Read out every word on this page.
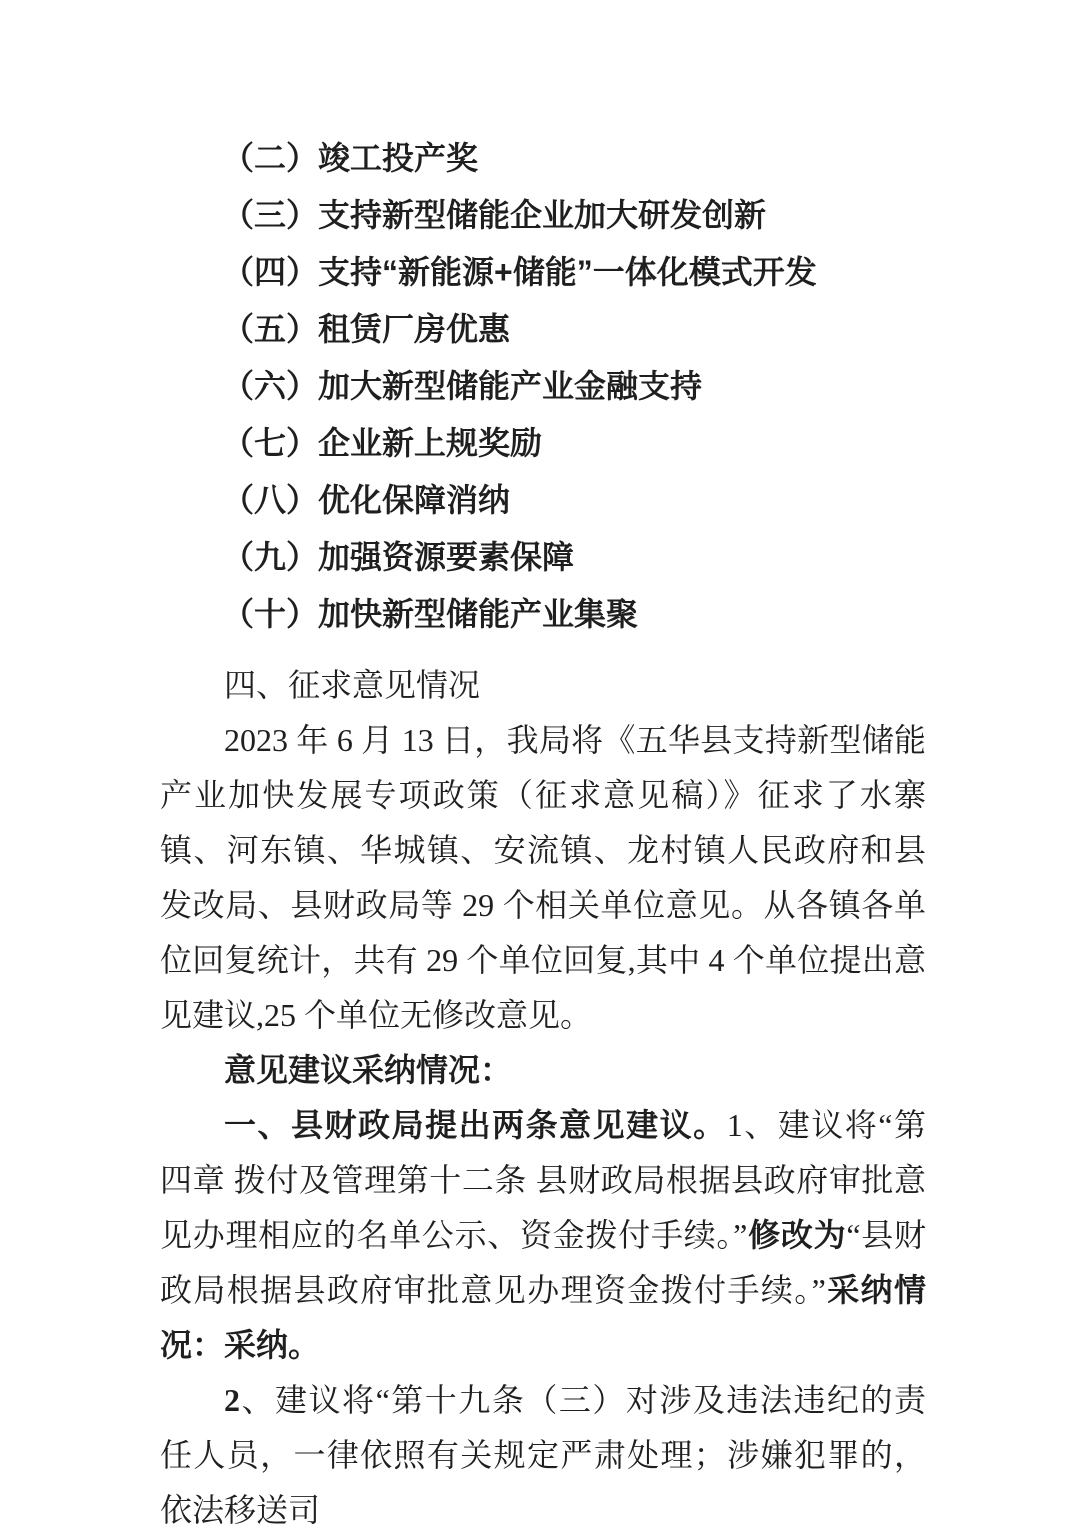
（二）竣工投产奖
（三）支持新型储能企业加大研发创新
（四）支持“新能源+储能”一体化模式开发
（五）租赁厂房优惠
（六）加大新型储能产业金融支持
（七）企业新上规奖励
（八）优化保障消纳
（九）加强资源要素保障
（十）加快新型储能产业集聚
四、征求意见情况

2023 年 6 月 13 日，我局将《五华县支持新型储能产业加快发展专项政策（征求意见稿）》征求了水寨镇、河东镇、华城镇、安流镇、龙村镇人民政府和县发改局、县财政局等 29 个相关单位意见。从各镇各单位回复统计，共有 29 个单位回复,其中 4 个单位提出意见建议,25 个单位无修改意见。

意见建议采纳情况：

一、县财政局提出两条意见建议。1、建议将“第四章 拨付及管理第十二条 县财政局根据县政府审批意见办理相应的名单公示、资金拨付手续。”修改为“县财政局根据县政府审批意见办理资金拨付手续。”采纳情况：采纳。

2、建议将“第十九条（三）对涉及违法违纪的责任人员，一律依照有关规定严肃处理；涉嫌犯罪的，依法移送司
